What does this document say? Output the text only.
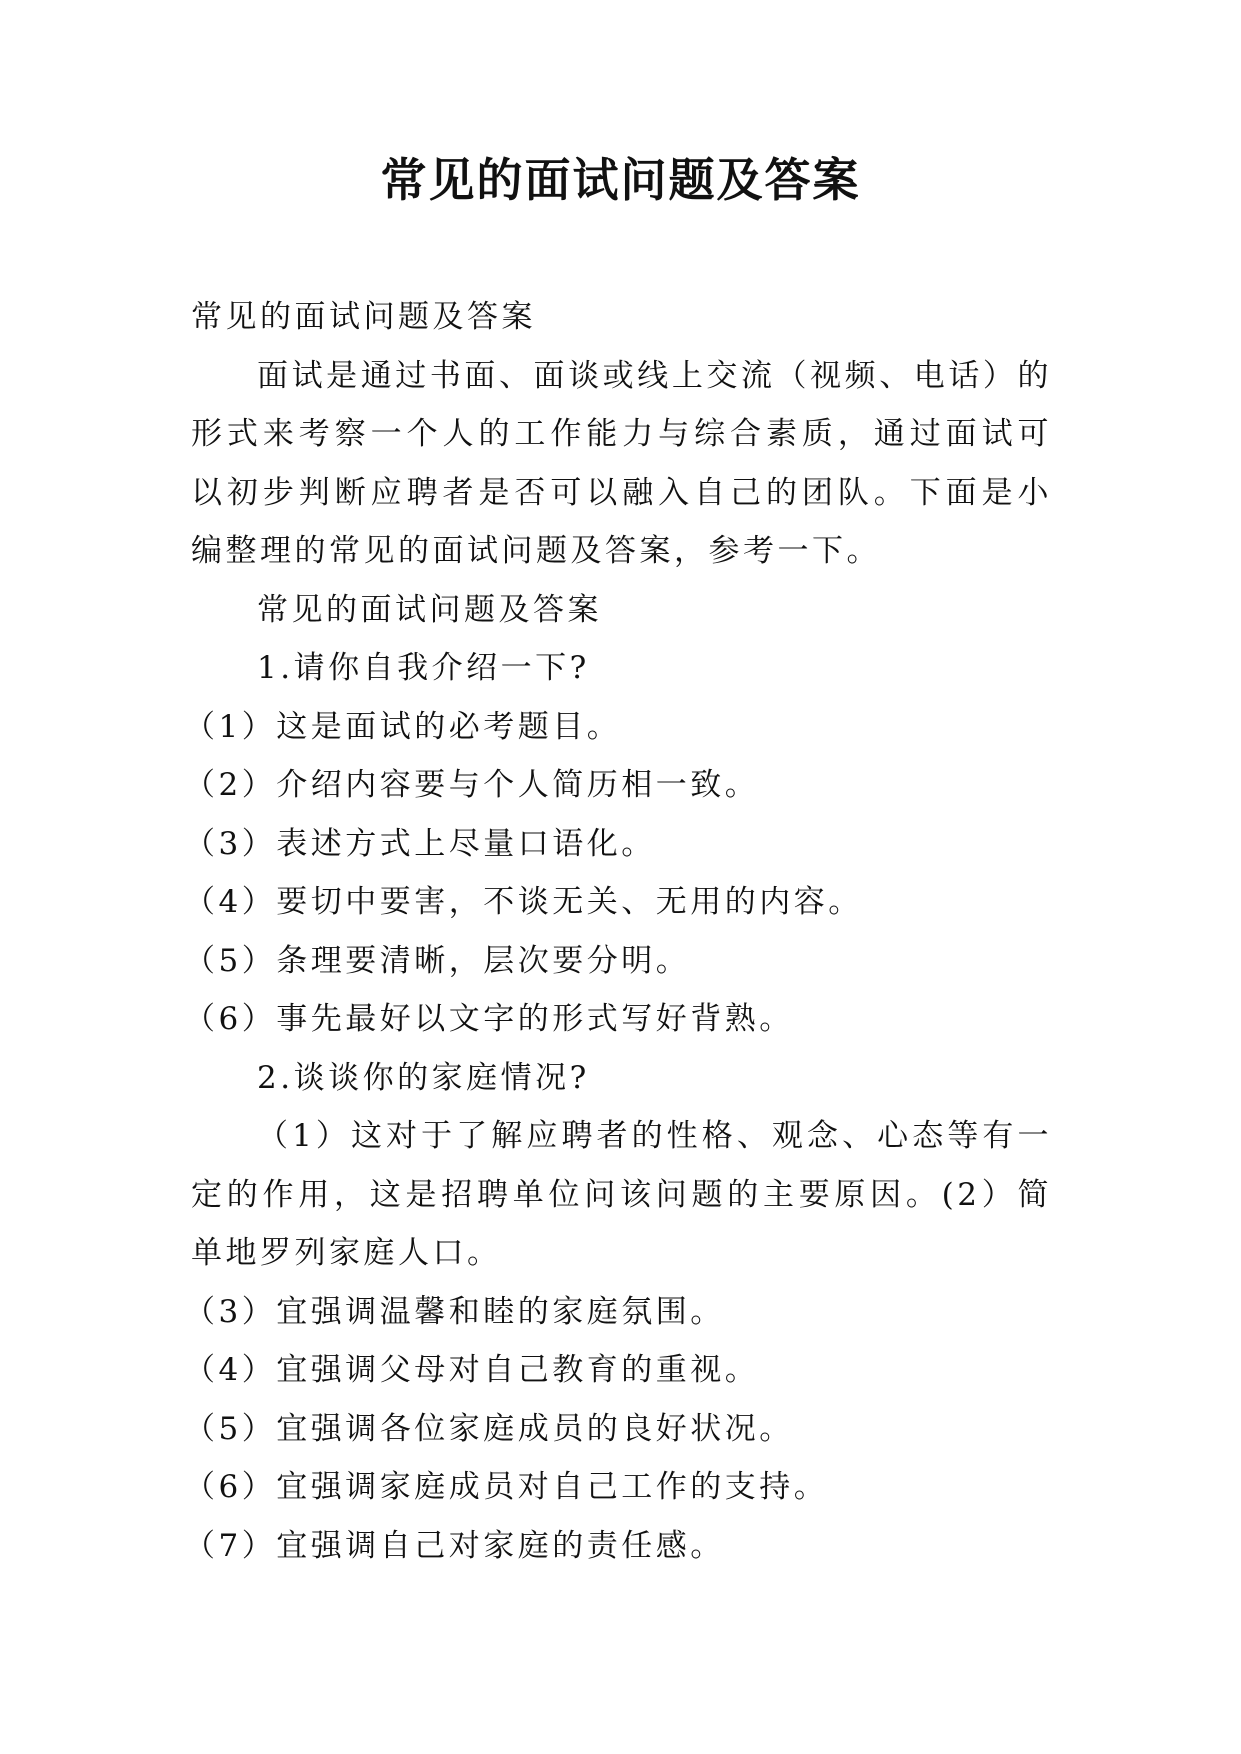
常见的面试问题及答案

常见的面试问题及答案

面试是通过书面、面谈或线上交流（视频、电话）的形式来考察一个人的工作能力与综合素质，通过面试可以初步判断应聘者是否可以融入自己的团队。下面是小编整理的常见的面试问题及答案，参考一下。

常见的面试问题及答案

1.请你自我介绍一下?

（1）这是面试的必考题目。

（2）介绍内容要与个人简历相一致。

（3）表述方式上尽量口语化。

（4）要切中要害，不谈无关、无用的内容。

（5）条理要清晰，层次要分明。

（6）事先最好以文字的形式写好背熟。

2.谈谈你的家庭情况?

（1）这对于了解应聘者的性格、观念、心态等有一定的作用，这是招聘单位问该问题的主要原因。(2）简单地罗列家庭人口。

（3）宜强调温馨和睦的家庭氛围。

（4）宜强调父母对自己教育的重视。

（5）宜强调各位家庭成员的良好状况。

（6）宜强调家庭成员对自己工作的支持。

（7）宜强调自己对家庭的责任感。
